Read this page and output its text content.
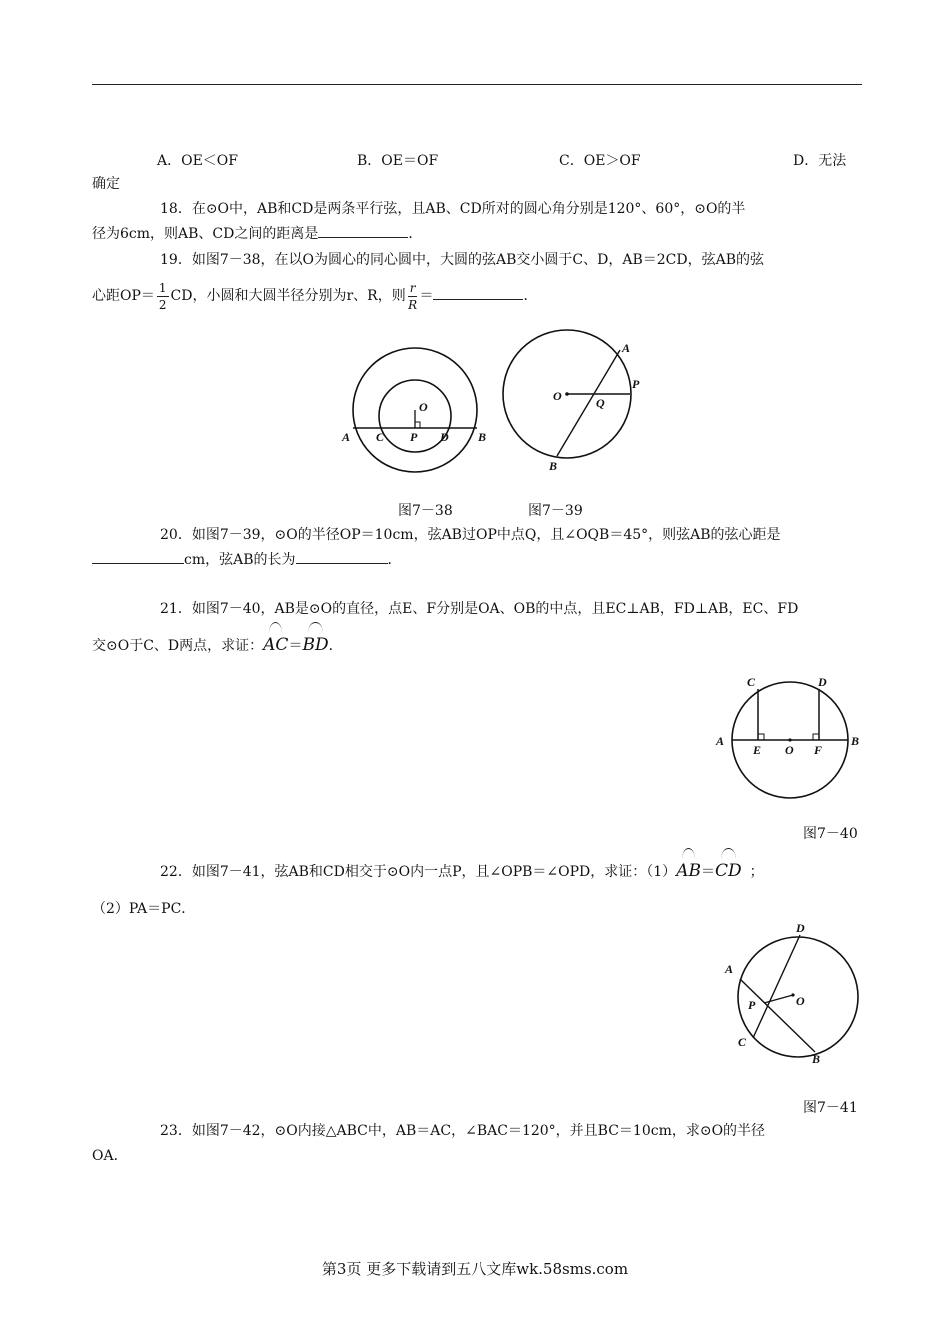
A．OE＜OF	B．OE＝OF	C．OE＞OF	D．无法
确定
18．在⊙O中，AB和CD是两条平行弦，且AB、CD所对的圆心角分别是120°、60°，⊙O的半
径为6cm，则AB、CD之间的距离是	．
19．如图7－38，在以O为圆心的同心圆中，大圆的弦AB交小圆于C、D，AB＝2CD，弦AB的弦
心距$OP= \frac{1}{2}$ CD，小圆和大圆半径分别为r、R，则 $\frac{r}{R}$ ＝	．
O
A C P D B
A
P
O	Q
B
图7－38	图7－39
20．如图7－39，⊙O的半径OP＝10cm，弦AB过OP中点Q，且∠OQB＝45°，则弦AB的弦心距是
cm，弦AB的长为	．
21．如图7－40，AB是⊙O的直径，点E、F分别是OA、OB的中点，且EC⊥AB，FD⊥AB，EC、FD
交⊙O于C、D两点，求证：AC＝BD．
C	D
A
E O F
B
图7－40
22．如图7－41，弦AB和CD相交于⊙O内一点P，且∠OPB＝∠OPD，求证：（1）AB＝CD ；
（2）PA＝PC．
D
A
P	O
C
B
图7－41
23．如图7－42，⊙O内接△ABC中，AB＝AC，∠BAC＝120°，并且BC＝10cm，求⊙O的半径
OA．
第3页 更多下载请到五八文库wk.58sms.com
